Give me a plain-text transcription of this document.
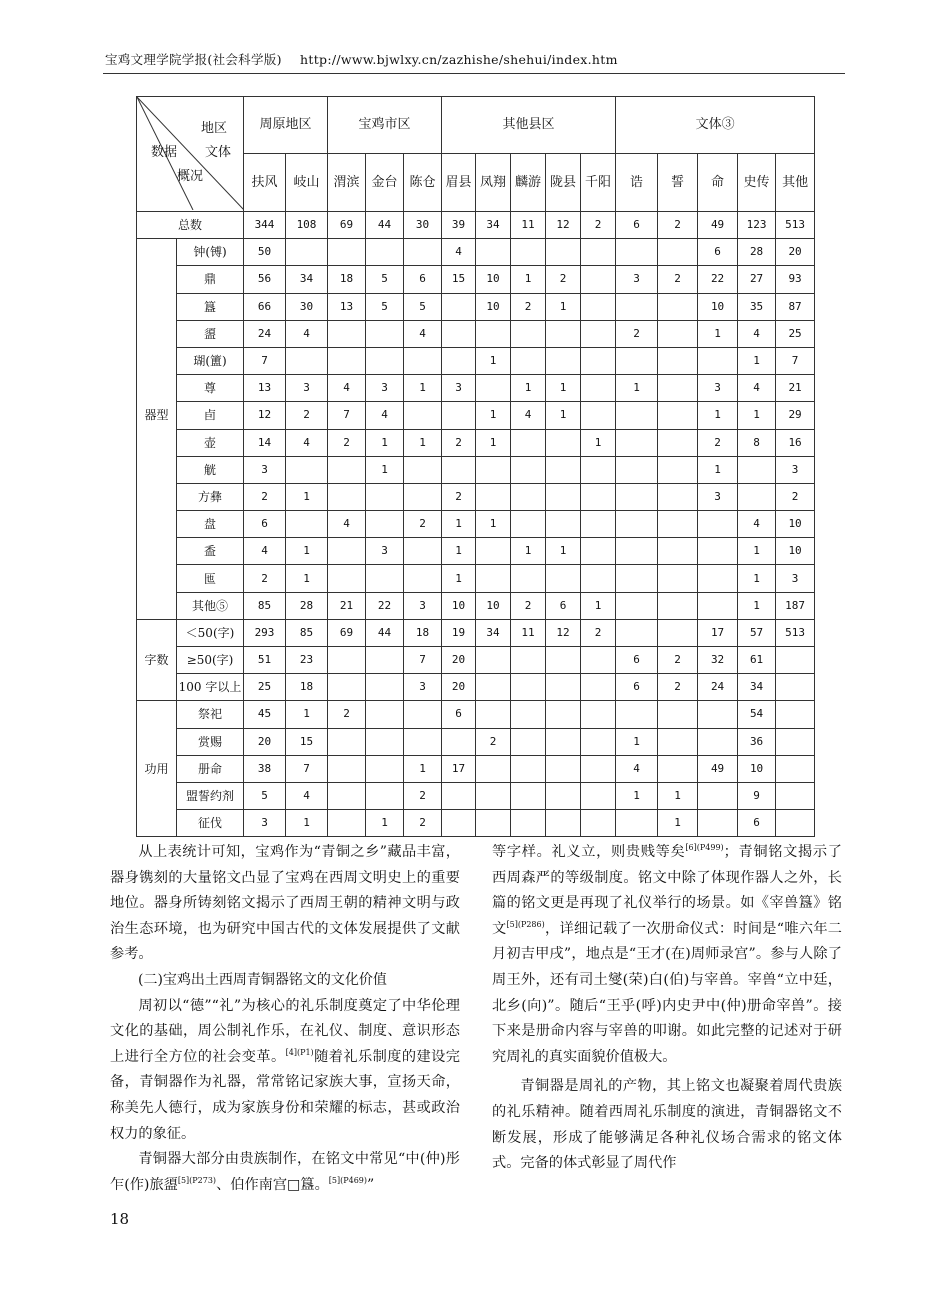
宝鸡文理学院学报(社会科学版) http://www.bjwlxy.cn/zazhishe/shehui/index.htm
地区
文体
数据
概况		周原地区		宝鸡市区			其他县区					文体③				
		扶风	岐山	渭滨	金台	陈仓	眉县	凤翔	麟游	陇县	千阳	诰	誓	命	史传	其他
总数		344	108	69	44	30	39	34	11	12	2	6	2	49	123	513
	钟(镈)	50					4							6	28	20
	鼎	56	34	18	5	6	15	10	1	2		3	2	22	27	93
	簋	66	30	13	5	5		10	2	1				10	35	87
	盨	24	4			4						2		1	4	25
	瑚(簠)	7						1							1	7
	尊	13	3	4	3	1	3		1	1		1		3	4	21
器型	卣	12	2	7	4			1	4	1				1	1	29
	壶	14	4	2	1	1	2	1			1			2	8	16
	觥	3			1									1		3
	方彝	2	1				2							3		2
	盘	6		4		2	1	1							4	10
	盉	4	1		3		1		1	1					1	10
	匜	2	1				1								1	3
	其他⑤	85	28	21	22	3	10	10	2	6	1				1	187
	＜50(字)	293	85	69	44	18	19	34	11	12	2			17	57	513
字数	≥50(字)	51	23			7	20					6	2	32	61	
	100 字以上	25	18			3	20					6	2	24	34	
	祭祀	45	1	2			6								54	
	赏赐	20	15					2				1			36	
功用	册命	38	7			1	17					4		49	10	
	盟誓约剂	5	4			2						1	1		9	
	征伐	3	1		1	2							1		6	

从上表统计可知，宝鸡作为“青铜之乡”藏品丰富，器身镌刻的大量铭文凸显了宝鸡在西周文明史上的重要地位。器身所铸刻铭文揭示了西周王朝的精神文明与政治生态环境，也为研究中国古代的文体发展提供了文献参考。

(二)宝鸡出土西周青铜器铭文的文化价值

周初以“德”“礼”为核心的礼乐制度奠定了中华伦理文化的基础，周公制礼作乐，在礼仪、制度、意识形态上进行全方位的社会变革。$^{[4](P1)}$随着礼乐制度的建设完备，青铜器作为礼器，常常铭记家族大事，宣扬天命，称美先人德行，成为家族身份和荣耀的标志，甚或政治权力的象征。

青铜器大部分由贵族制作，在铭文中常见“中(仲)彤乍(作)旅盨$^{[5](P273)}$、伯作南宫□簋。$^{[5](P469)}$”

等字样。礼义立，则贵贱等矣$^{[6](P499)}$；青铜铭文揭示了西周森严的等级制度。铭文中除了体现作器人之外，长篇的铭文更是再现了礼仪举行的场景。如《宰兽簋》铭文$^{[5](P286)}$，详细记载了一次册命仪式：时间是“唯六年二月初吉甲戌”，地点是“王才(在)周师录宫”。参与人除了周王外，还有司土燮(荣)白(伯)与宰兽。宰兽“立中廷，北乡(向)”。随后“王乎(呼)内史尹中(仲)册命宰兽”。接下来是册命内容与宰兽的叩谢。如此完整的记述对于研究周礼的真实面貌价值极大。

青铜器是周礼的产物，其上铭文也凝聚着周代贵族的礼乐精神。随着西周礼乐制度的演进，青铜器铭文不断发展，形成了能够满足各种礼仪场合需求的铭文体式。完备的体式彰显了周代作

18
